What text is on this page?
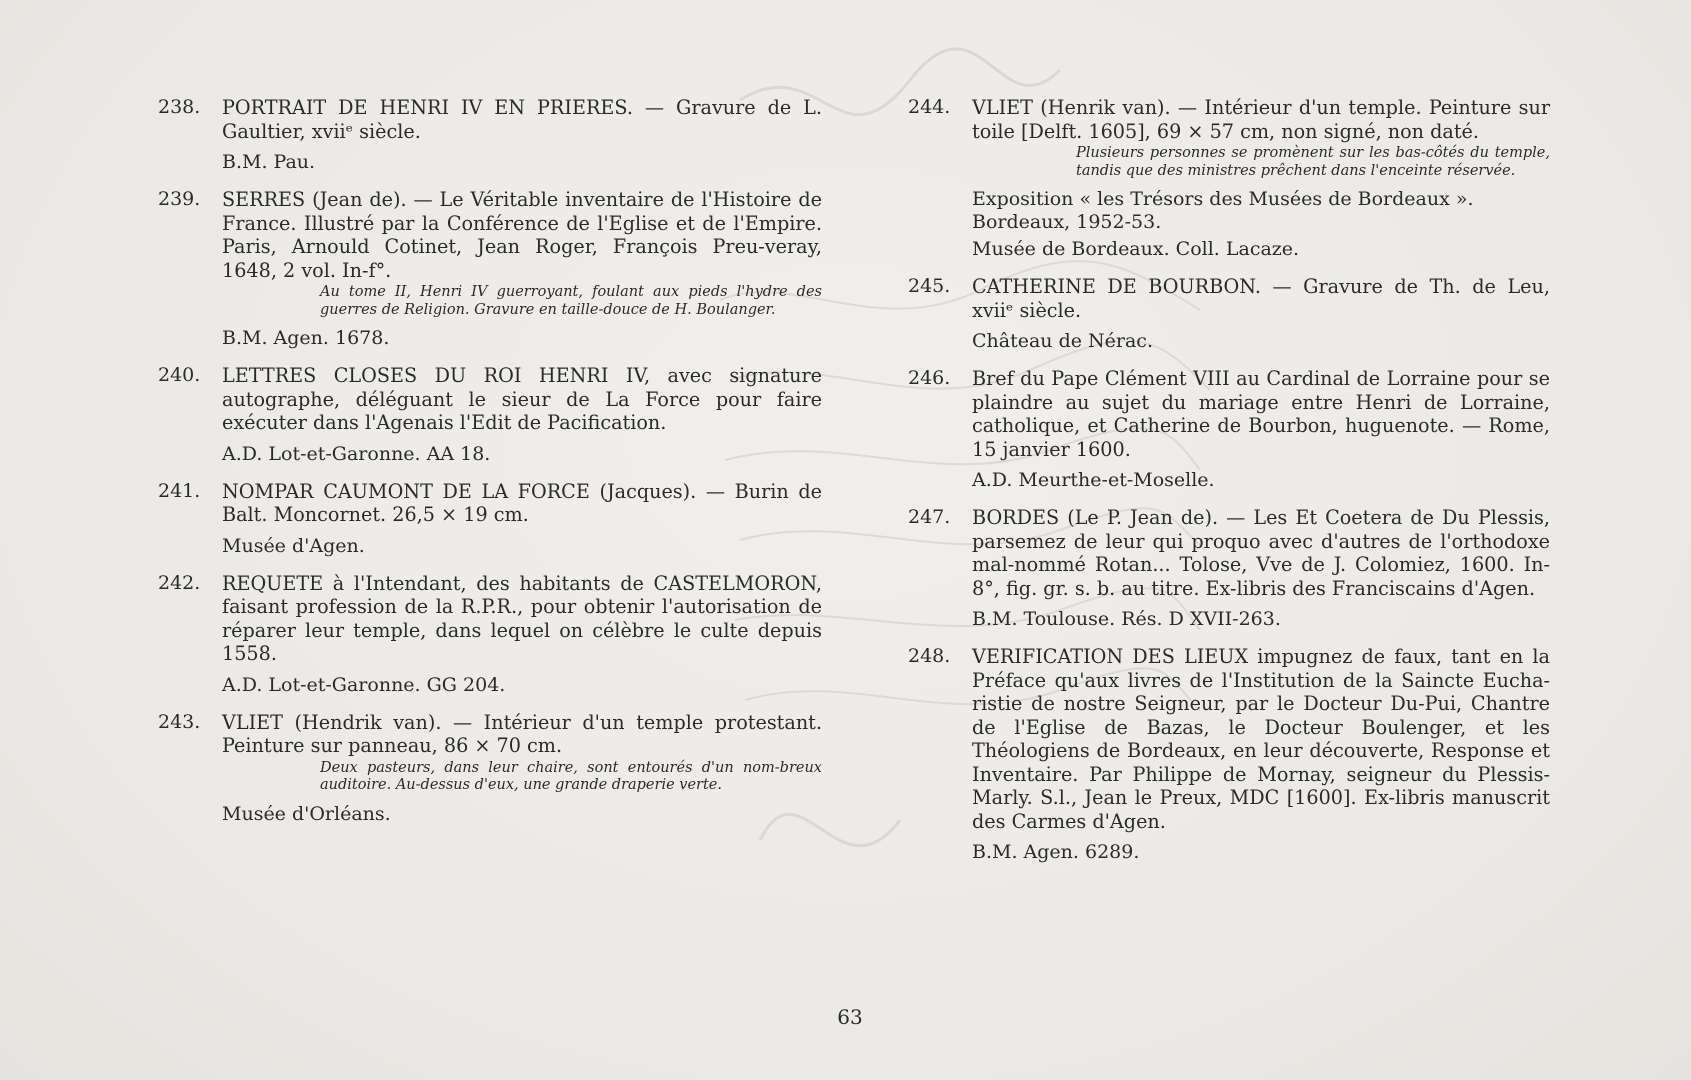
238. PORTRAIT DE HENRI IV EN PRIERES. — Gravure de L. Gaultier, xviiᵉ siècle.
B.M. Pau.
239. SERRES (Jean de). — Le Véritable inventaire de l'Histoire de France. Illustré par la Conférence de l'Eglise et de l'Empire. Paris, Arnould Cotinet, Jean Roger, François Preu-veray, 1648, 2 vol. In-f°.
Au tome II, Henri IV guerroyant, foulant aux pieds l'hydre des guerres de Religion. Gravure en taille-douce de H. Boulanger.
B.M. Agen. 1678.
240. LETTRES CLOSES DU ROI HENRI IV, avec signature autographe, déléguant le sieur de La Force pour faire exécuter dans l'Agenais l'Edit de Pacification.
A.D. Lot-et-Garonne. AA 18.
241. NOMPAR CAUMONT DE LA FORCE (Jacques). — Burin de Balt. Moncornet. 26,5 × 19 cm.
Musée d'Agen.
242. REQUETE à l'Intendant, des habitants de CASTELMORON, faisant profession de la R.P.R., pour obtenir l'autorisation de réparer leur temple, dans lequel on célèbre le culte depuis 1558.
A.D. Lot-et-Garonne. GG 204.
243. VLIET (Hendrik van). — Intérieur d'un temple protestant. Peinture sur panneau, 86 × 70 cm.
Deux pasteurs, dans leur chaire, sont entourés d'un nom-breux auditoire. Au-dessus d'eux, une grande draperie verte.
Musée d'Orléans.
244. VLIET (Henrik van). — Intérieur d'un temple. Peinture sur toile [Delft. 1605], 69 × 57 cm, non signé, non daté.
Plusieurs personnes se promènent sur les bas-côtés du temple, tandis que des ministres prêchent dans l'enceinte réservée.
Exposition « les Trésors des Musées de Bordeaux ». Bordeaux, 1952-53.
Musée de Bordeaux. Coll. Lacaze.
245. CATHERINE DE BOURBON. — Gravure de Th. de Leu, xviiᵉ siècle.
Château de Nérac.
246. Bref du Pape Clément VIII au Cardinal de Lorraine pour se plaindre au sujet du mariage entre Henri de Lorraine, catholique, et Catherine de Bourbon, huguenote. — Rome, 15 janvier 1600.
A.D. Meurthe-et-Moselle.
247. BORDES (Le P. Jean de). — Les Et Coetera de Du Plessis, parsemez de leur qui proquo avec d'autres de l'orthodoxe mal-nommé Rotan... Tolose, Vve de J. Colomiez, 1600. In-8°, fig. gr. s. b. au titre. Ex-libris des Franciscains d'Agen.
B.M. Toulouse. Rés. D XVII-263.
248. VERIFICATION DES LIEUX impugnez de faux, tant en la Préface qu'aux livres de l'Institution de la Saincte Eucha-ristie de nostre Seigneur, par le Docteur Du-Pui, Chantre de l'Eglise de Bazas, le Docteur Boulenger, et les Théologiens de Bordeaux, en leur découverte, Response et Inventaire. Par Philippe de Mornay, seigneur du Plessis-Marly. S.l., Jean le Preux, MDC [1600]. Ex-libris manuscrit des Carmes d'Agen.
B.M. Agen. 6289.
63
